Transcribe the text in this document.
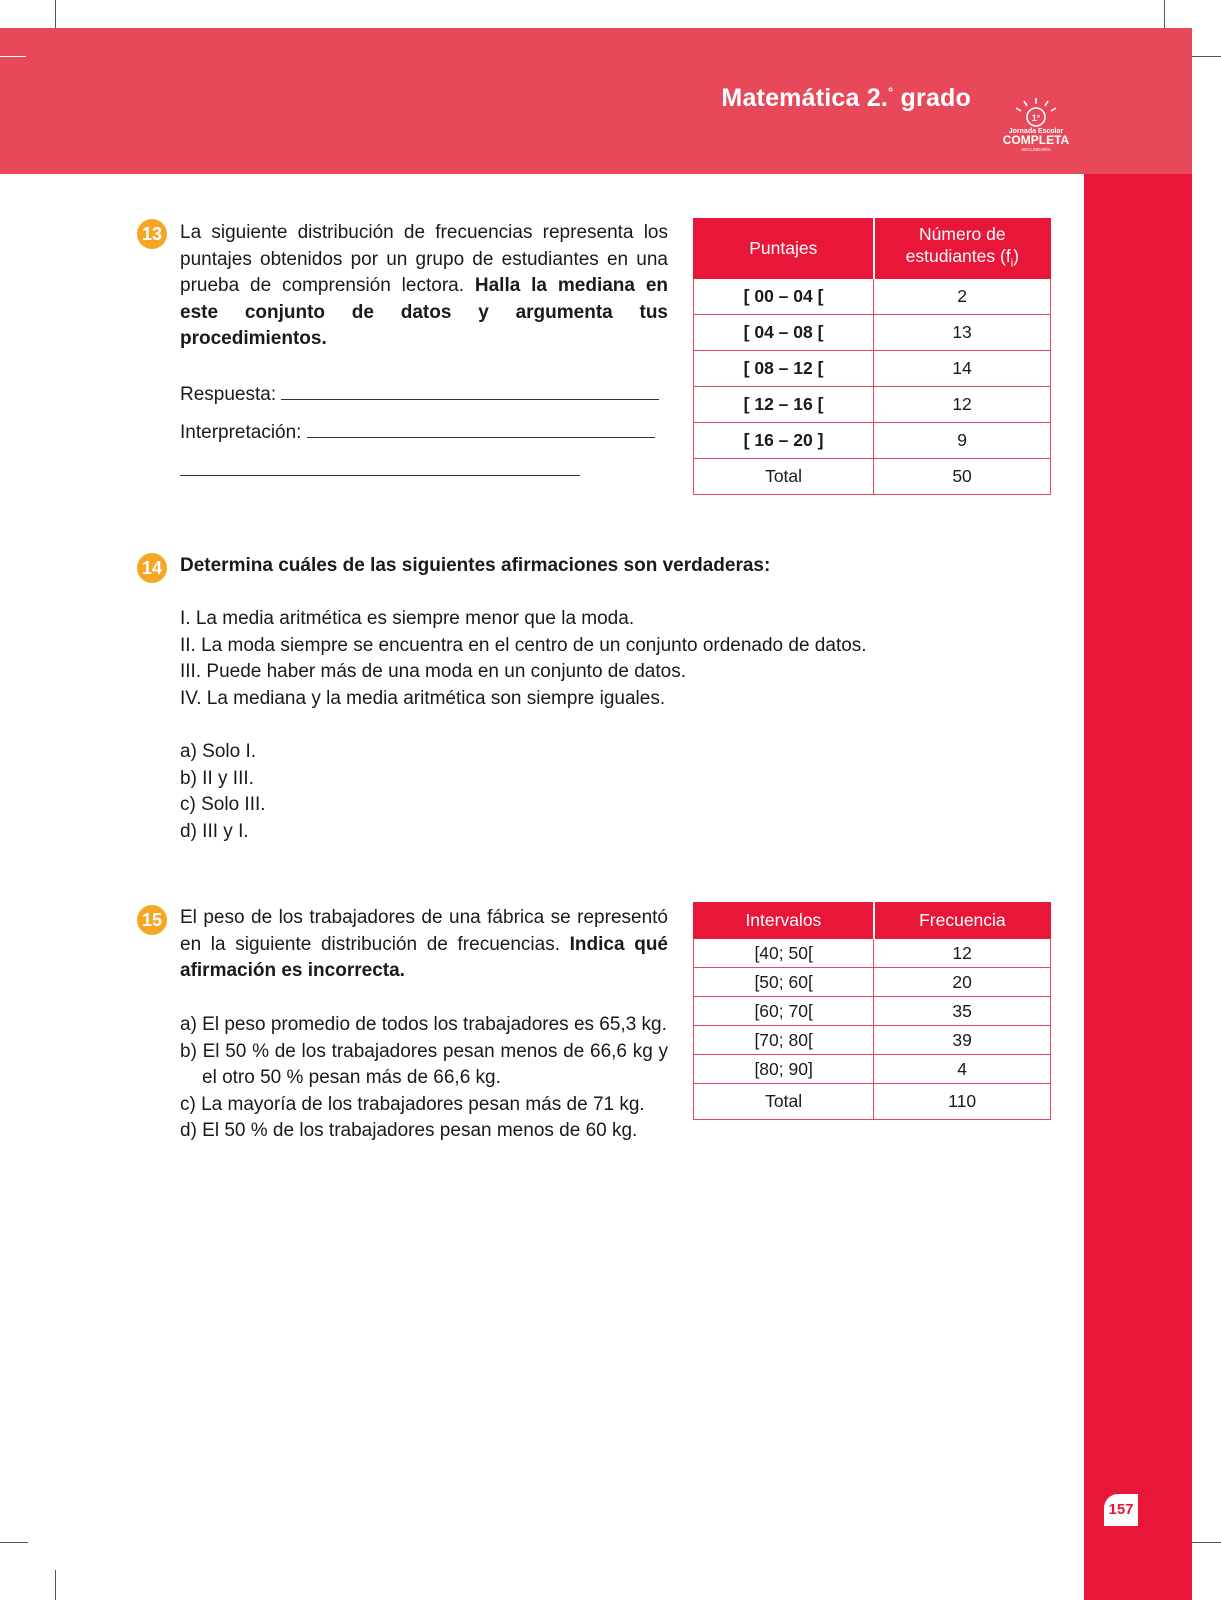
Matemática 2.° grado
1°
Jornada Escolar
COMPLETA
SECUNDARIA
157
13 La siguiente distribución de frecuencias representa los puntajes obtenidos por un grupo de estudiantes en una prueba de comprensión lectora. Halla la mediana en este conjunto de datos y argumenta tus procedimientos.
Respuesta:
Interpretación:
Puntajes	Número de estudiantes $(f_i)$
[ 00 – 04 [	2
[ 04 – 08 [	13
[ 08 – 12 [	14
[ 12 – 16 [	12
[ 16 – 20 ]	9
Total	50
14 Determina cuáles de las siguientes afirmaciones son verdaderas:
I. La media aritmética es siempre menor que la moda.
II. La moda siempre se encuentra en el centro de un conjunto ordenado de datos.
III. Puede haber más de una moda en un conjunto de datos.
IV. La mediana y la media aritmética son siempre iguales.
a) Solo I.
b) II y III.
c) Solo III.
d) III y I.
15 El peso de los trabajadores de una fábrica se representó en la siguiente distribución de frecuencias. Indica qué afirmación es incorrecta.
a) El peso promedio de todos los trabajadores es 65,3 kg.
b) El 50 % de los trabajadores pesan menos de 66,6 kg y el otro 50 % pesan más de 66,6 kg.
c) La mayoría de los trabajadores pesan más de 71 kg.
d) El 50 % de los trabajadores pesan menos de 60 kg.
Intervalos	Frecuencia
[40; 50[	12
[50; 60[	20
[60; 70[	35
[70; 80[	39
[80; 90]	4
Total	110
